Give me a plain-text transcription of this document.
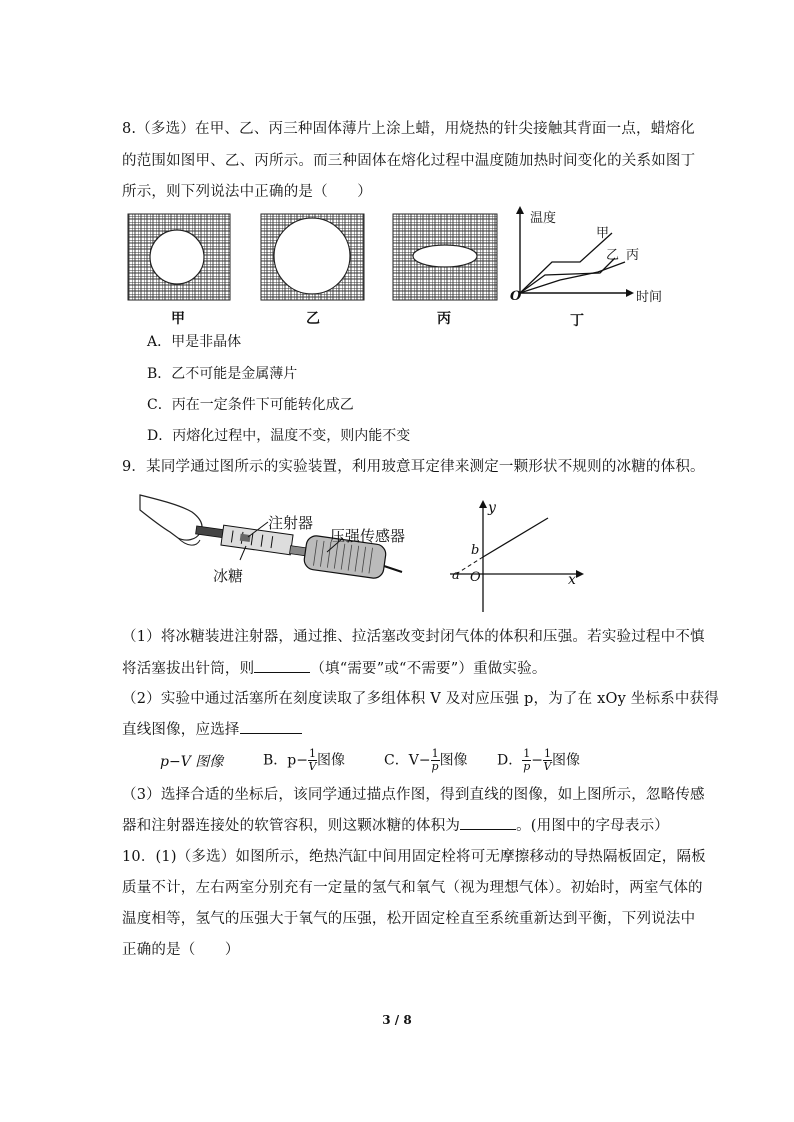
8.（多选）在甲、乙、丙三种固体薄片上涂上蜡，用烧热的针尖接触其背面一点，蜡熔化
的范围如图甲、乙、丙所示。而三种固体在熔化过程中温度随加热时间变化的关系如图丁
所示，则下列说法中正确的是（　　）
温度
时间
O
甲
乙 丙
甲	乙	丙	丁
A．甲是非晶体
B．乙不可能是金属薄片
C．丙在一定条件下可能转化成乙
D．丙熔化过程中，温度不变，则内能不变
9．某同学通过图所示的实验装置，利用玻意耳定律来测定一颗形状不规则的冰糖的体积。
注射器
压强传感器
冰糖
y
x
O
a
b
（1）将冰糖装进注射器，通过推、拉活塞改变封闭气体的体积和压强。若实验过程中不慎
将活塞拔出针筒，则	（填“需要”或“不需要”）重做实验。
（2）实验中通过活塞所在刻度读取了多组体积 V 及对应压强 p，为了在 xOy 坐标系中获得
直线图像，应选择
p−V 图像	B．$p- \frac{1}{V}$ 图像	C．$V- \frac{1}{p}$ 图像 D． $\frac{1}{p} - \frac{1}{V}$ 图像
（3）选择合适的坐标后，该同学通过描点作图，得到直线的图像，如上图所示，忽略传感
器和注射器连接处的软管容积，则这颗冰糖的体积为	。(用图中的字母表示）
10．(1)（多选）如图所示，绝热汽缸中间用固定栓将可无摩擦移动的导热隔板固定，隔板
质量不计，左右两室分别充有一定量的氢气和氧气（视为理想气体）。初始时，两室气体的
温度相等，氢气的压强大于氧气的压强，松开固定栓直至系统重新达到平衡，下列说法中
正确的是（　　）
3 / 8
